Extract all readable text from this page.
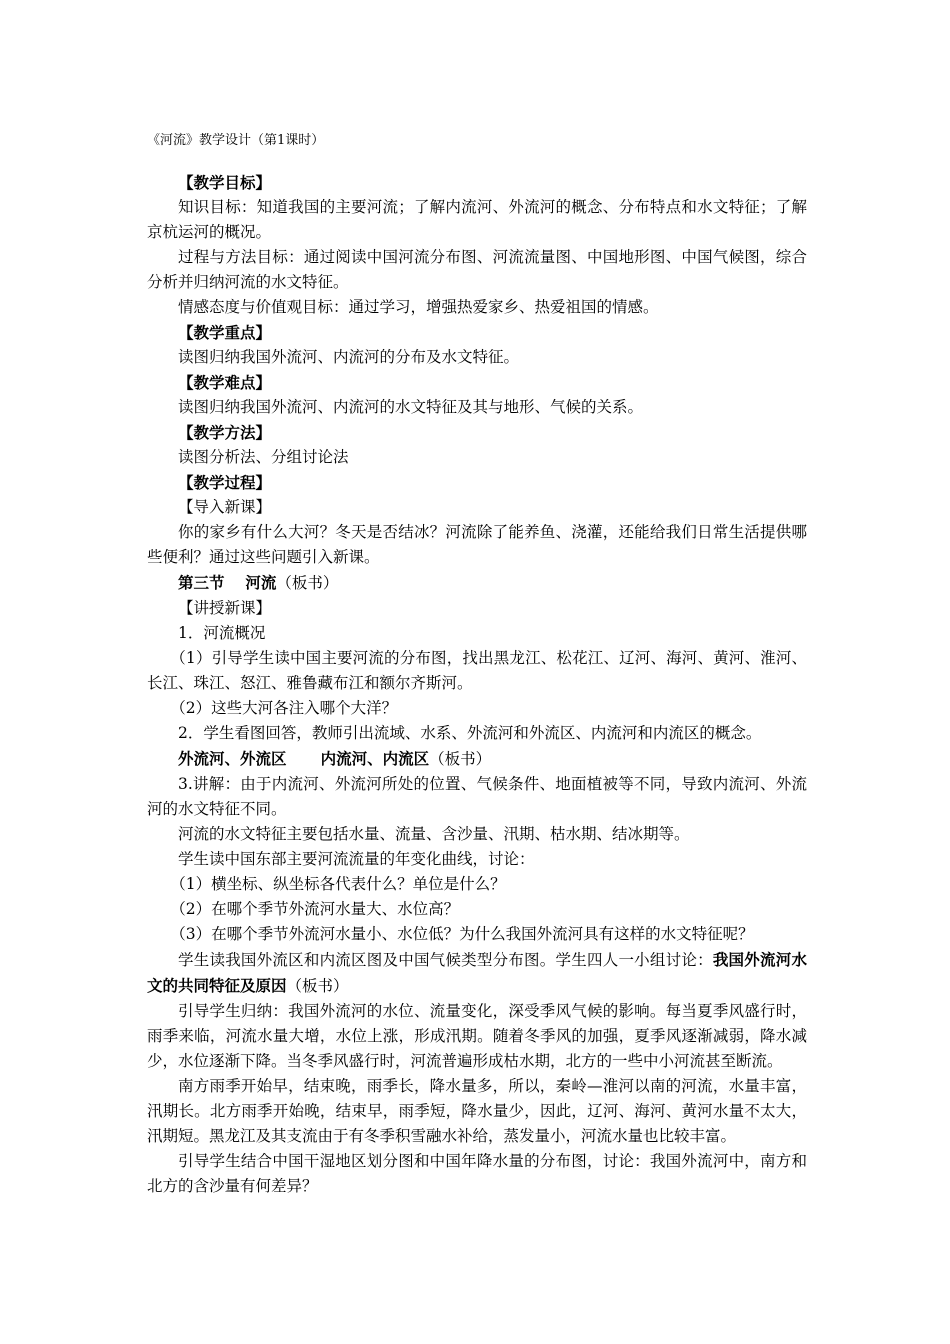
《河流》教学设计（第1课时）

【教学目标】

知识目标：知道我国的主要河流；了解内流河、外流河的概念、分布特点和水文特征；了解京杭运河的概况。

过程与方法目标：通过阅读中国河流分布图、河流流量图、中国地形图、中国气候图，综合分析并归纳河流的水文特征。

情感态度与价值观目标：通过学习，增强热爱家乡、热爱祖国的情感。

【教学重点】

读图归纳我国外流河、内流河的分布及水文特征。

【教学难点】

读图归纳我国外流河、内流河的水文特征及其与地形、气候的关系。

【教学方法】

读图分析法、分组讨论法

【教学过程】

【导入新课】

你的家乡有什么大河？冬天是否结冰？河流除了能养鱼、浇灌，还能给我们日常生活提供哪些便利？通过这些问题引入新课。

第三节　 河流（板书）

【讲授新课】

1．河流概况

（1）引导学生读中国主要河流的分布图，找出黑龙江、松花江、辽河、海河、黄河、淮河、长江、珠江、怒江、雅鲁藏布江和额尔齐斯河。

（2）这些大河各注入哪个大洋？

2．学生看图回答，教师引出流域、水系、外流河和外流区、内流河和内流区的概念。

外流河、外流区 内流河、内流区（板书）

3.讲解：由于内流河、外流河所处的位置、气候条件、地面植被等不同，导致内流河、外流河的水文特征不同。

河流的水文特征主要包括水量、流量、含沙量、汛期、枯水期、结冰期等。

学生读中国东部主要河流流量的年变化曲线，讨论：

（1）横坐标、纵坐标各代表什么？单位是什么？

（2）在哪个季节外流河水量大、水位高？

（3）在哪个季节外流河水量小、水位低？为什么我国外流河具有这样的水文特征呢？

学生读我国外流区和内流区图及中国气候类型分布图。学生四人一小组讨论：我国外流河水文的共同特征及原因（板书）

引导学生归纳：我国外流河的水位、流量变化，深受季风气候的影响。每当夏季风盛行时，雨季来临，河流水量大增，水位上涨，形成汛期。随着冬季风的加强，夏季风逐渐减弱，降水减少，水位逐渐下降。当冬季风盛行时，河流普遍形成枯水期，北方的一些中小河流甚至断流。

南方雨季开始早，结束晚，雨季长，降水量多，所以，秦岭—淮河以南的河流，水量丰富，汛期长。北方雨季开始晚，结束早，雨季短，降水量少，因此，辽河、海河、黄河水量不太大，汛期短。黑龙江及其支流由于有冬季积雪融水补给，蒸发量小，河流水量也比较丰富。

引导学生结合中国干湿地区划分图和中国年降水量的分布图，讨论：我国外流河中，南方和北方的含沙量有何差异？
